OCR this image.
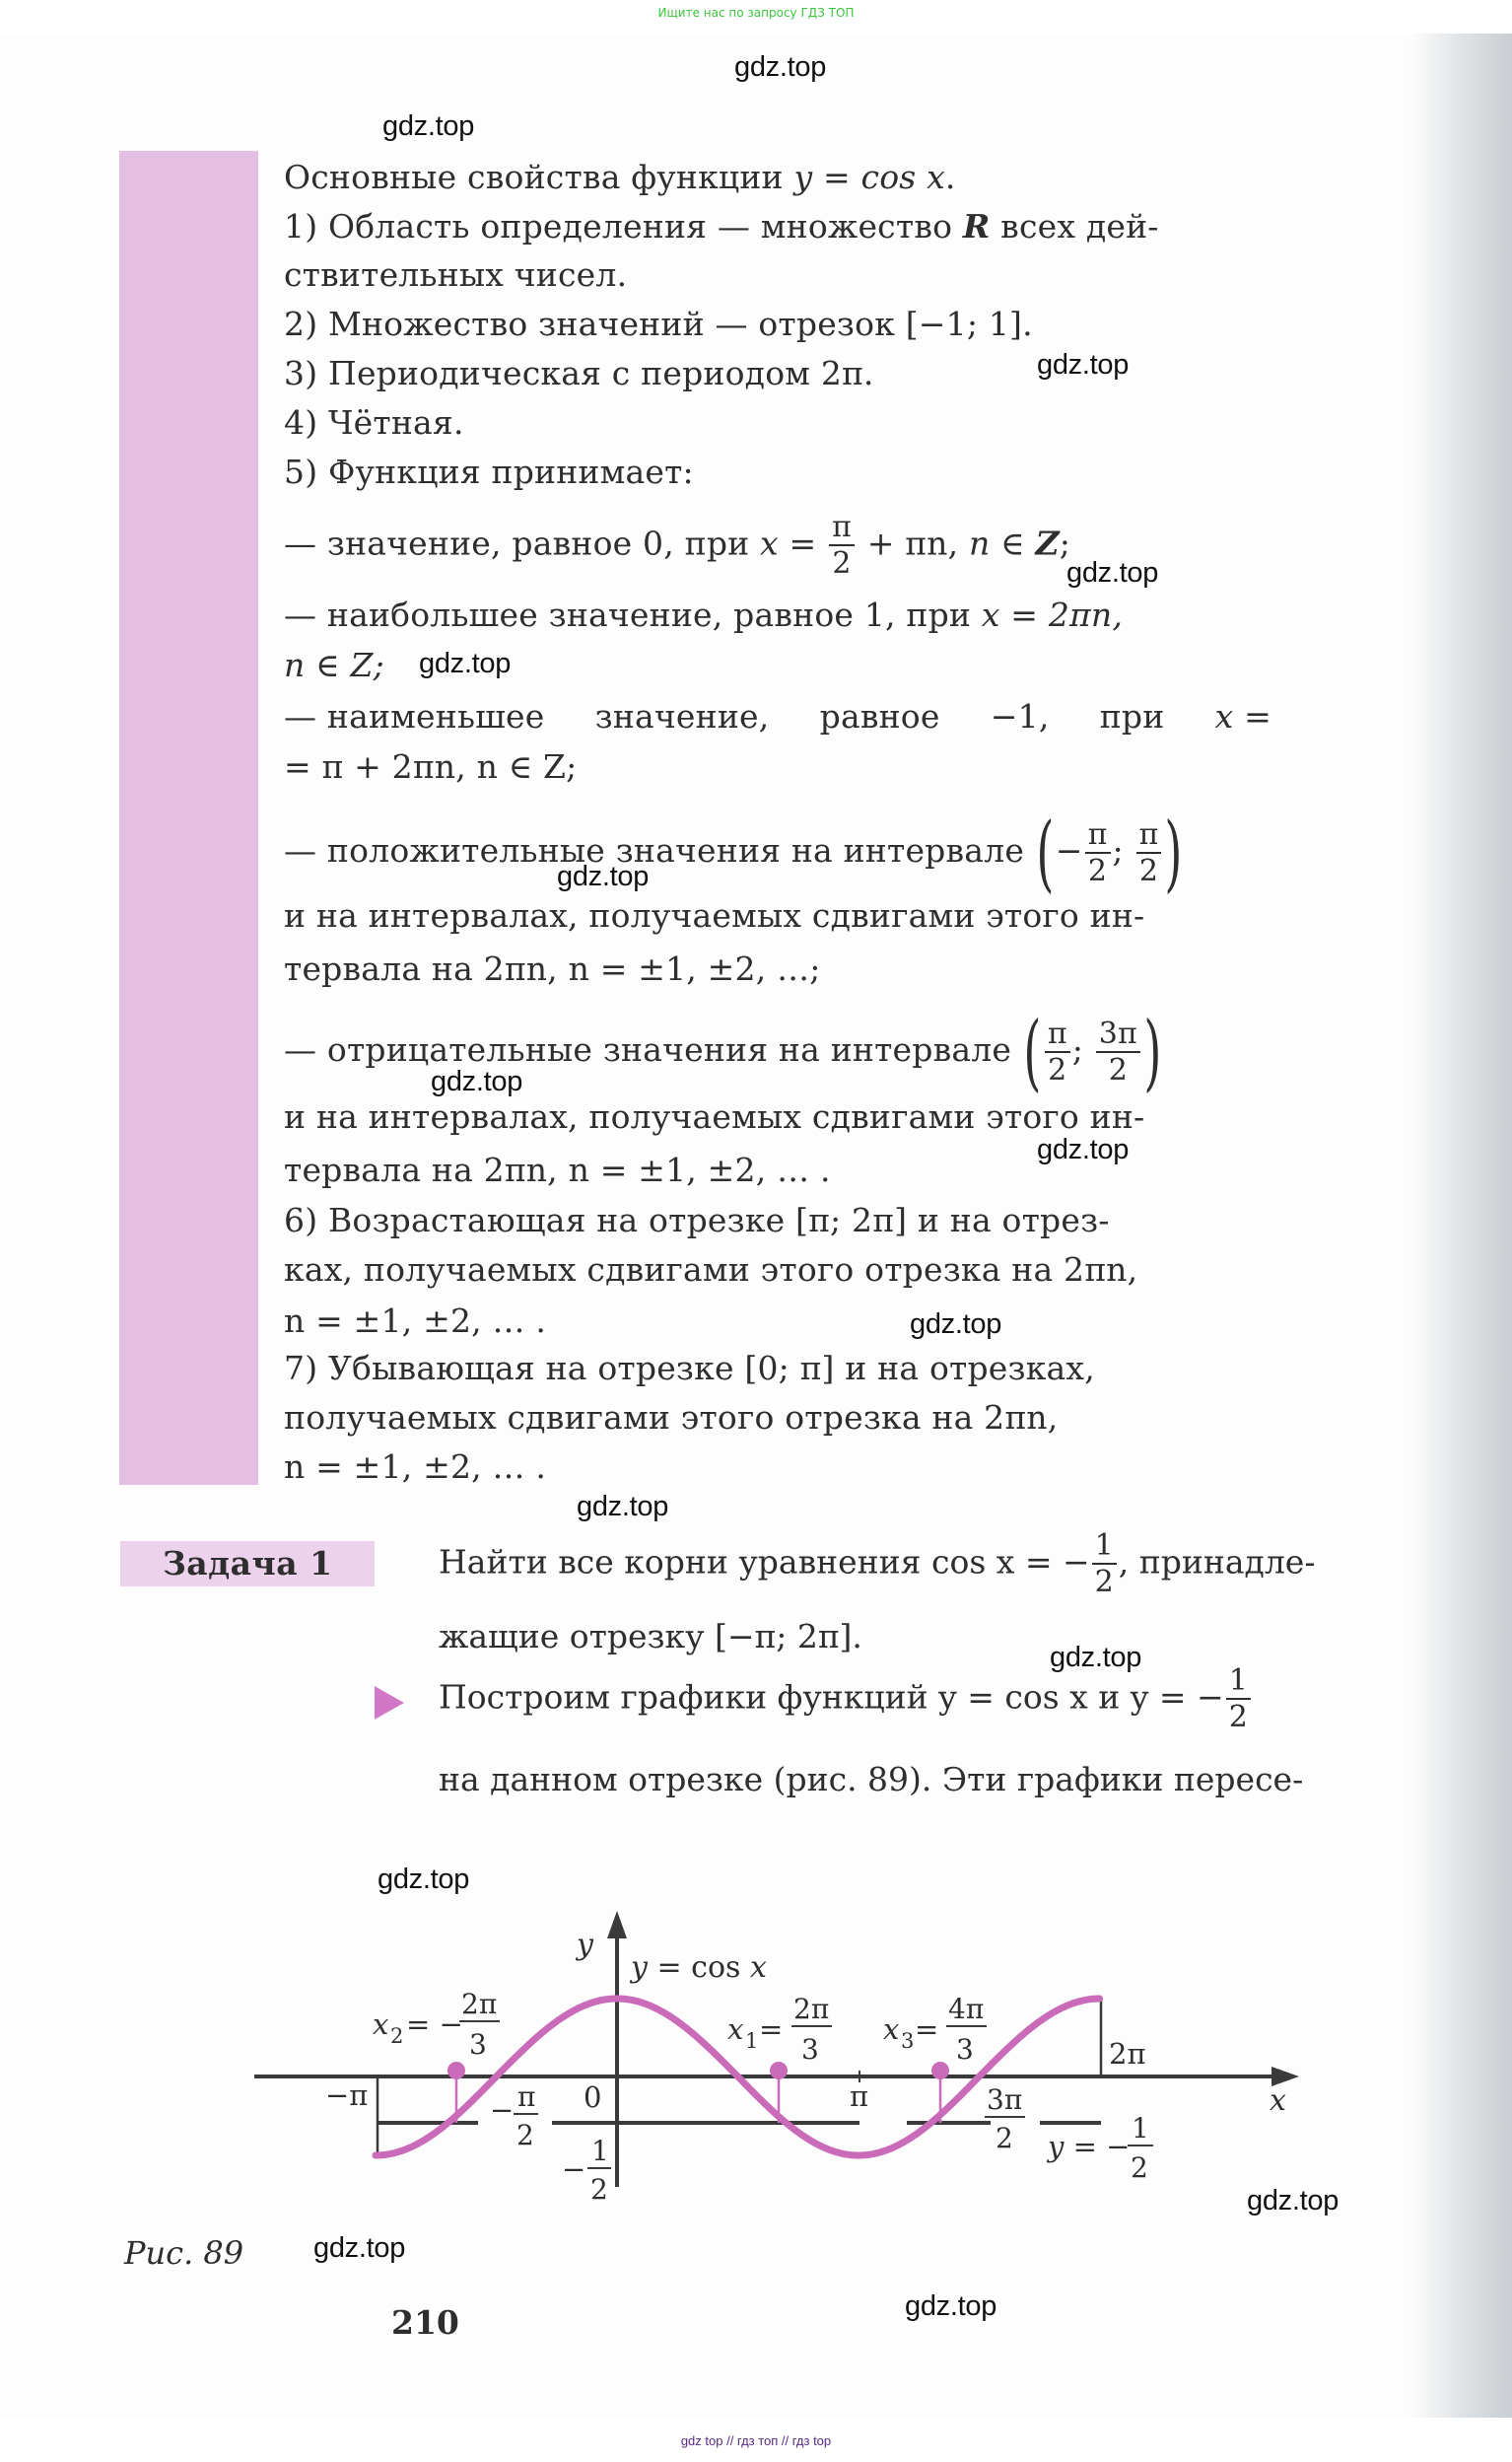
Ищите нас по запросу ГДЗ ТОП
Основные свойства функции y = cos x.
1) Область определения — множество R всех дей-
ствительных чисел.
2) Множество значений — отрезок [−1; 1].
3) Периодическая с периодом 2π.
4) Чётная.
5) Функция принимает:
— значение, равное 0, при $x = \frac{\pi}{2} + \pi n$, n ∈ Z;
— наибольшее значение, равное 1, при x = 2πn,
n ∈ Z;
— наименьшее значение, равное −1, при x =
= π + 2πn, n ∈ Z;
— положительные значения на интервале (− $\frac{\pi}{2}$ ; $\frac{\pi}{2}$ )
и на интервалах, получаемых сдвигами этого ин-
тервала на 2πn, n = ±1, ±2, …;
— отрицательные значения на интервале ( $\frac{\pi}{2}$ ; $\frac{3\pi}{2}$ )
и на интервалах, получаемых сдвигами этого ин-
тервала на 2πn, n = ±1, ±2, … .
6) Возрастающая на отрезке [π; 2π] и на отрез-
ках, получаемых сдвигами этого отрезка на 2πn,
n = ±1, ±2, … .
7) Убывающая на отрезке [0; π] и на отрезках,
получаемых сдвигами этого отрезка на 2πn,
n = ±1, ±2, … .
Задача 1	Найти все корни уравнения cos x = − $\frac{1}{2}$ , принадле-
жащие отрезку [−π; 2π].
Построим графики функций y = cos x и y = − $\frac{1}{2}$
на данном отрезке (рис. 89). Эти графики пересе-
y
x
y = cos x
−π	0	π
2π
− π
2
−
1
2
3π
2 y = −
1
2
x 2 = −
2π
3	x 1 =
2π
3
x 3 =
4π
3
Рис. 89
210
gdz.top
gdz.top
gdz.top
gdz.top
gdz.top
gdz.top
gdz.top
gdz.top
gdz.top
gdz.top
gdz.top
gdz.top
gdz.top
gdz.top
gdz.top
gdz top // гдз топ // гдз top
